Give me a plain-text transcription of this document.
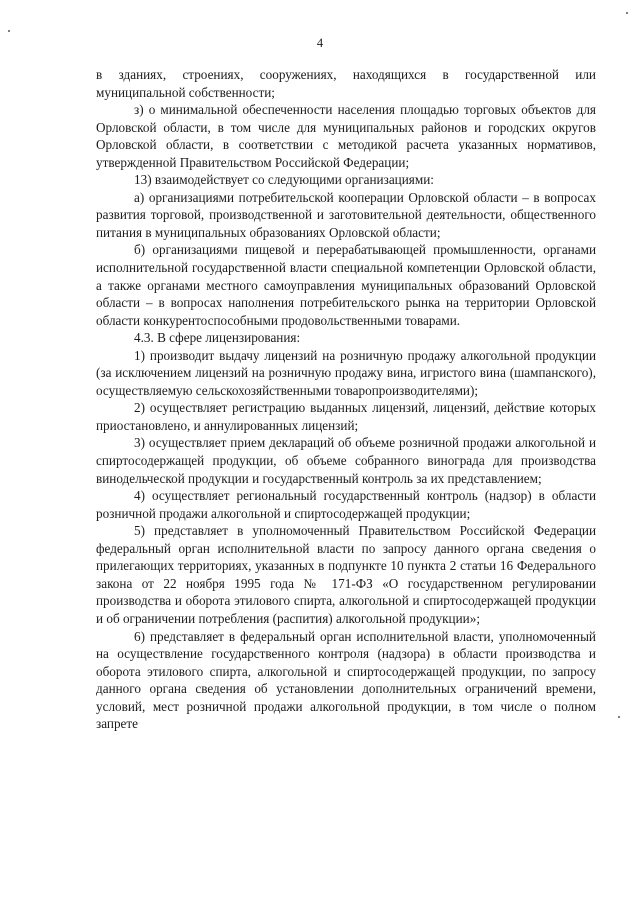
4

в зданиях, строениях, сооружениях, находящихся в государственной или муниципальной собственности;

з) о минимальной обеспеченности населения площадью торговых объектов для Орловской области, в том числе для муниципальных районов и городских округов Орловской области, в соответствии с методикой расчета указанных нормативов, утвержденной Правительством Российской Федерации;

13) взаимодействует со следующими организациями:

а) организациями потребительской кооперации Орловской области – в вопросах развития торговой, производственной и заготовительной деятельности, общественного питания в муниципальных образованиях Орловской области;

б) организациями пищевой и перерабатывающей промышленности, органами исполнительной государственной власти специальной компетенции Орловской области, а также органами местного самоуправления муниципальных образований Орловской области – в вопросах наполнения потребительского рынка на территории Орловской области конкурентоспособными продовольственными товарами.

4.3. В сфере лицензирования:

1) производит выдачу лицензий на розничную продажу алкогольной продукции (за исключением лицензий на розничную продажу вина, игристого вина (шампанского), осуществляемую сельскохозяйственными товаропроизводителями);

2) осуществляет регистрацию выданных лицензий, лицензий, действие которых приостановлено, и аннулированных лицензий;

3) осуществляет прием деклараций об объеме розничной продажи алкогольной и спиртосодержащей продукции, об объеме собранного винограда для производства винодельческой продукции и государственный контроль за их представлением;

4) осуществляет региональный государственный контроль (надзор) в области розничной продажи алкогольной и спиртосодержащей продукции;

5) представляет в уполномоченный Правительством Российской Федерации федеральный орган исполнительной власти по запросу данного органа сведения о прилегающих территориях, указанных в подпункте 10 пункта 2 статьи 16 Федерального закона от 22 ноября 1995 года № 171-ФЗ «О государственном регулировании производства и оборота этилового спирта, алкогольной и спиртосодержащей продукции и об ограничении потребления (распития) алкогольной продукции»;

6) представляет в федеральный орган исполнительной власти, уполномоченный на осуществление государственного контроля (надзора) в области производства и оборота этилового спирта, алкогольной и спиртосодержащей продукции, по запросу данного органа сведения об установлении дополнительных ограничений времени, условий, мест розничной продажи алкогольной продукции, в том числе о полном запрете
